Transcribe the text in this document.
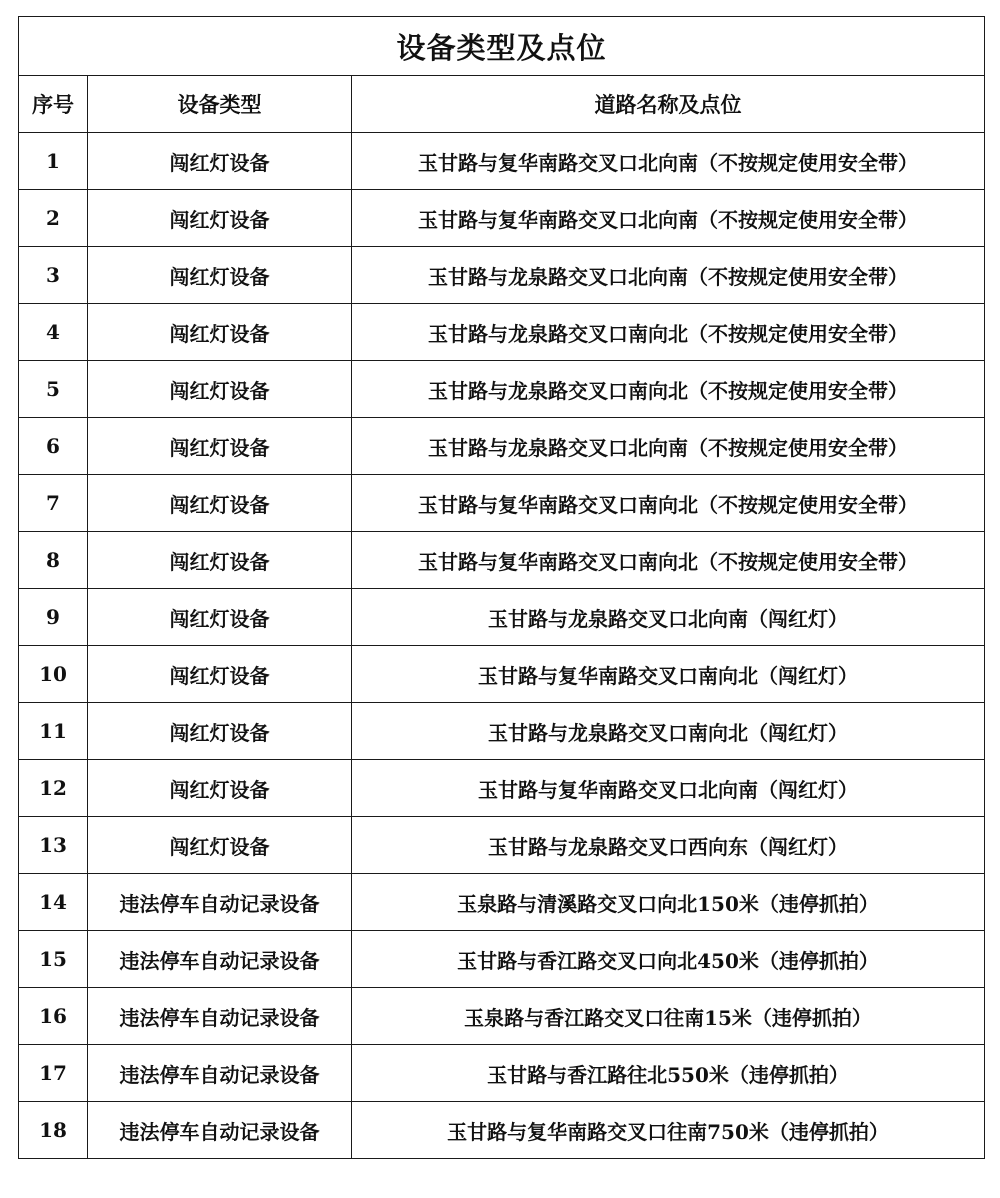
设备类型及点位		
序号	设备类型	道路名称及点位
1	闯红灯设备	玉甘路与复华南路交叉口北向南（不按规定使用安全带）
2	闯红灯设备	玉甘路与复华南路交叉口北向南（不按规定使用安全带）
3	闯红灯设备	玉甘路与龙泉路交叉口北向南（不按规定使用安全带）
4	闯红灯设备	玉甘路与龙泉路交叉口南向北（不按规定使用安全带）
5	闯红灯设备	玉甘路与龙泉路交叉口南向北（不按规定使用安全带）
6	闯红灯设备	玉甘路与龙泉路交叉口北向南（不按规定使用安全带）
7	闯红灯设备	玉甘路与复华南路交叉口南向北（不按规定使用安全带）
8	闯红灯设备	玉甘路与复华南路交叉口南向北（不按规定使用安全带）
9	闯红灯设备	玉甘路与龙泉路交叉口北向南（闯红灯）
10	闯红灯设备	玉甘路与复华南路交叉口南向北（闯红灯）
11	闯红灯设备	玉甘路与龙泉路交叉口南向北（闯红灯）
12	闯红灯设备	玉甘路与复华南路交叉口北向南（闯红灯）
13	闯红灯设备	玉甘路与龙泉路交叉口西向东（闯红灯）
14	违法停车自动记录设备	玉泉路与清溪路交叉口向北150米（违停抓拍）
15	违法停车自动记录设备	玉甘路与香江路交叉口向北450米（违停抓拍）
16	违法停车自动记录设备	玉泉路与香江路交叉口往南15米（违停抓拍）
17	违法停车自动记录设备	玉甘路与香江路往北550米（违停抓拍）
18	违法停车自动记录设备	玉甘路与复华南路交叉口往南750米（违停抓拍）
